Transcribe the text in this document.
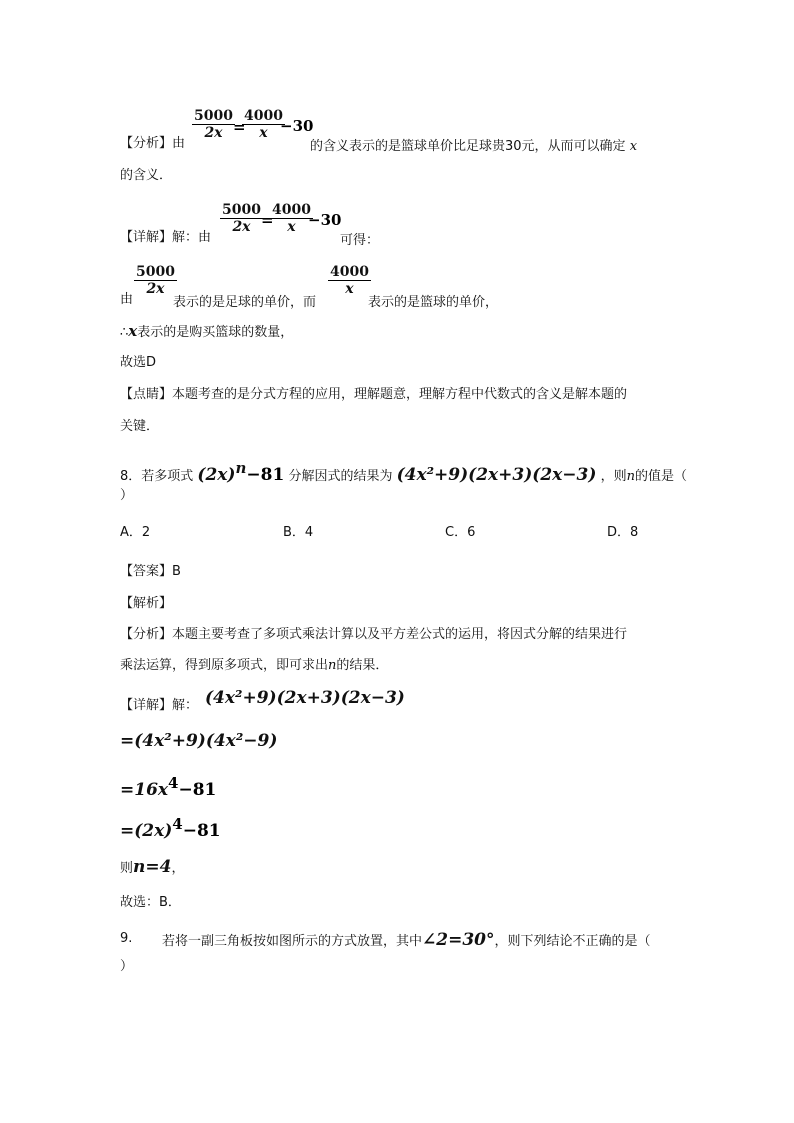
5000
2x =
4000
x −30
【分析】由	的含义表示的是篮球单价比足球贵30元，从而可以确定 x
的含义．
5000
2x =
4000
x −30
【详解】解：由	可得：
5000
2x
由	表示的是足球的单价，而
4000
x
表示的是篮球的单价，
∴x表示的是购买篮球的数量，
故选D
【点睛】本题考查的是分式方程的应用，理解题意，理解方程中代数式的含义是解本题的
关键．
8．若多项式 $(2x)^n-81$ 分解因式的结果为 (4x²+9)(2x+3)(2x−3) ，则n的值是（
）
A．2	B．4	C．6	D．8
【答案】B
【解析】
【分析】本题主要考查了多项式乘法计算以及平方差公式的运用，将因式分解的结果进行
乘法运算，得到原多项式，即可求出n的结果．
【详解】解： (4x²+9)(2x+3)(2x−3)
=(4x²+9)(4x²−9)
$=16x^4-81$
$=(2x)^4-81$
则n=4，
故选：B．
9. 若将一副三角板按如图所示的方式放置，其中∠2=30°，则下列结论不正确的是（
）
